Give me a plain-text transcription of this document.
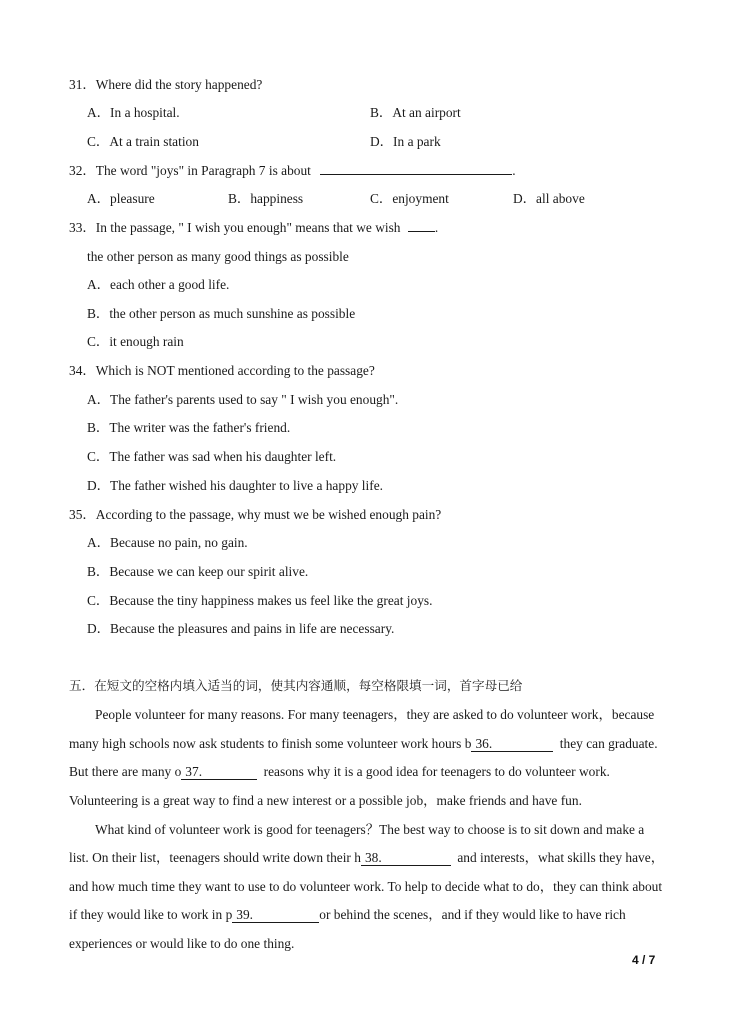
31．Where did the story happened?
A．In a hospital.	B．At an airport
C．At a train station	D．In a park
32．The word "joys" in Paragraph 7 is about	.
A．pleasure	B．happiness	C．enjoyment	D．all above
33．In the passage, " I wish you enough" means that we wish	.
the other person as many good things as possible
A．each other a good life.
B．the other person as much sunshine as possible
C．it enough rain
34．Which is NOT mentioned according to the passage?
A．The father's parents used to say " I wish you enough".
B．The writer was the father's friend.
C．The father was sad when his daughter left.
D．The father wished his daughter to live a happy life.
35．According to the passage, why must we be wished enough pain?
A．Because no pain, no gain.
B．Because we can keep our spirit alive.
C．Because the tiny happiness makes us feel like the great joys.
D．Because the pleasures and pains in life are necessary.
五．在短文的空格内填入适当的词，使其内容通顺，每空格限填一词，首字母已给
People volunteer for many reasons. For many teenagers，they are asked to do volunteer work，because
many high schools now ask students to finish some volunteer work hours b 36.	they can graduate.
But there are many o 37.	reasons why it is a good idea for teenagers to do volunteer work.
Volunteering is a great way to find a new interest or a possible job，make friends and have fun.
What kind of volunteer work is good for teenagers？The best way to choose is to sit down and make a
list. On their list，teenagers should write down their h 38.	and interests，what skills they have，
and how much time they want to use to do volunteer work. To help to decide what to do，they can think about
if they would like to work in p 39.	or behind the scenes，and if they would like to have rich
experiences or would like to do one thing.
4 / 7
